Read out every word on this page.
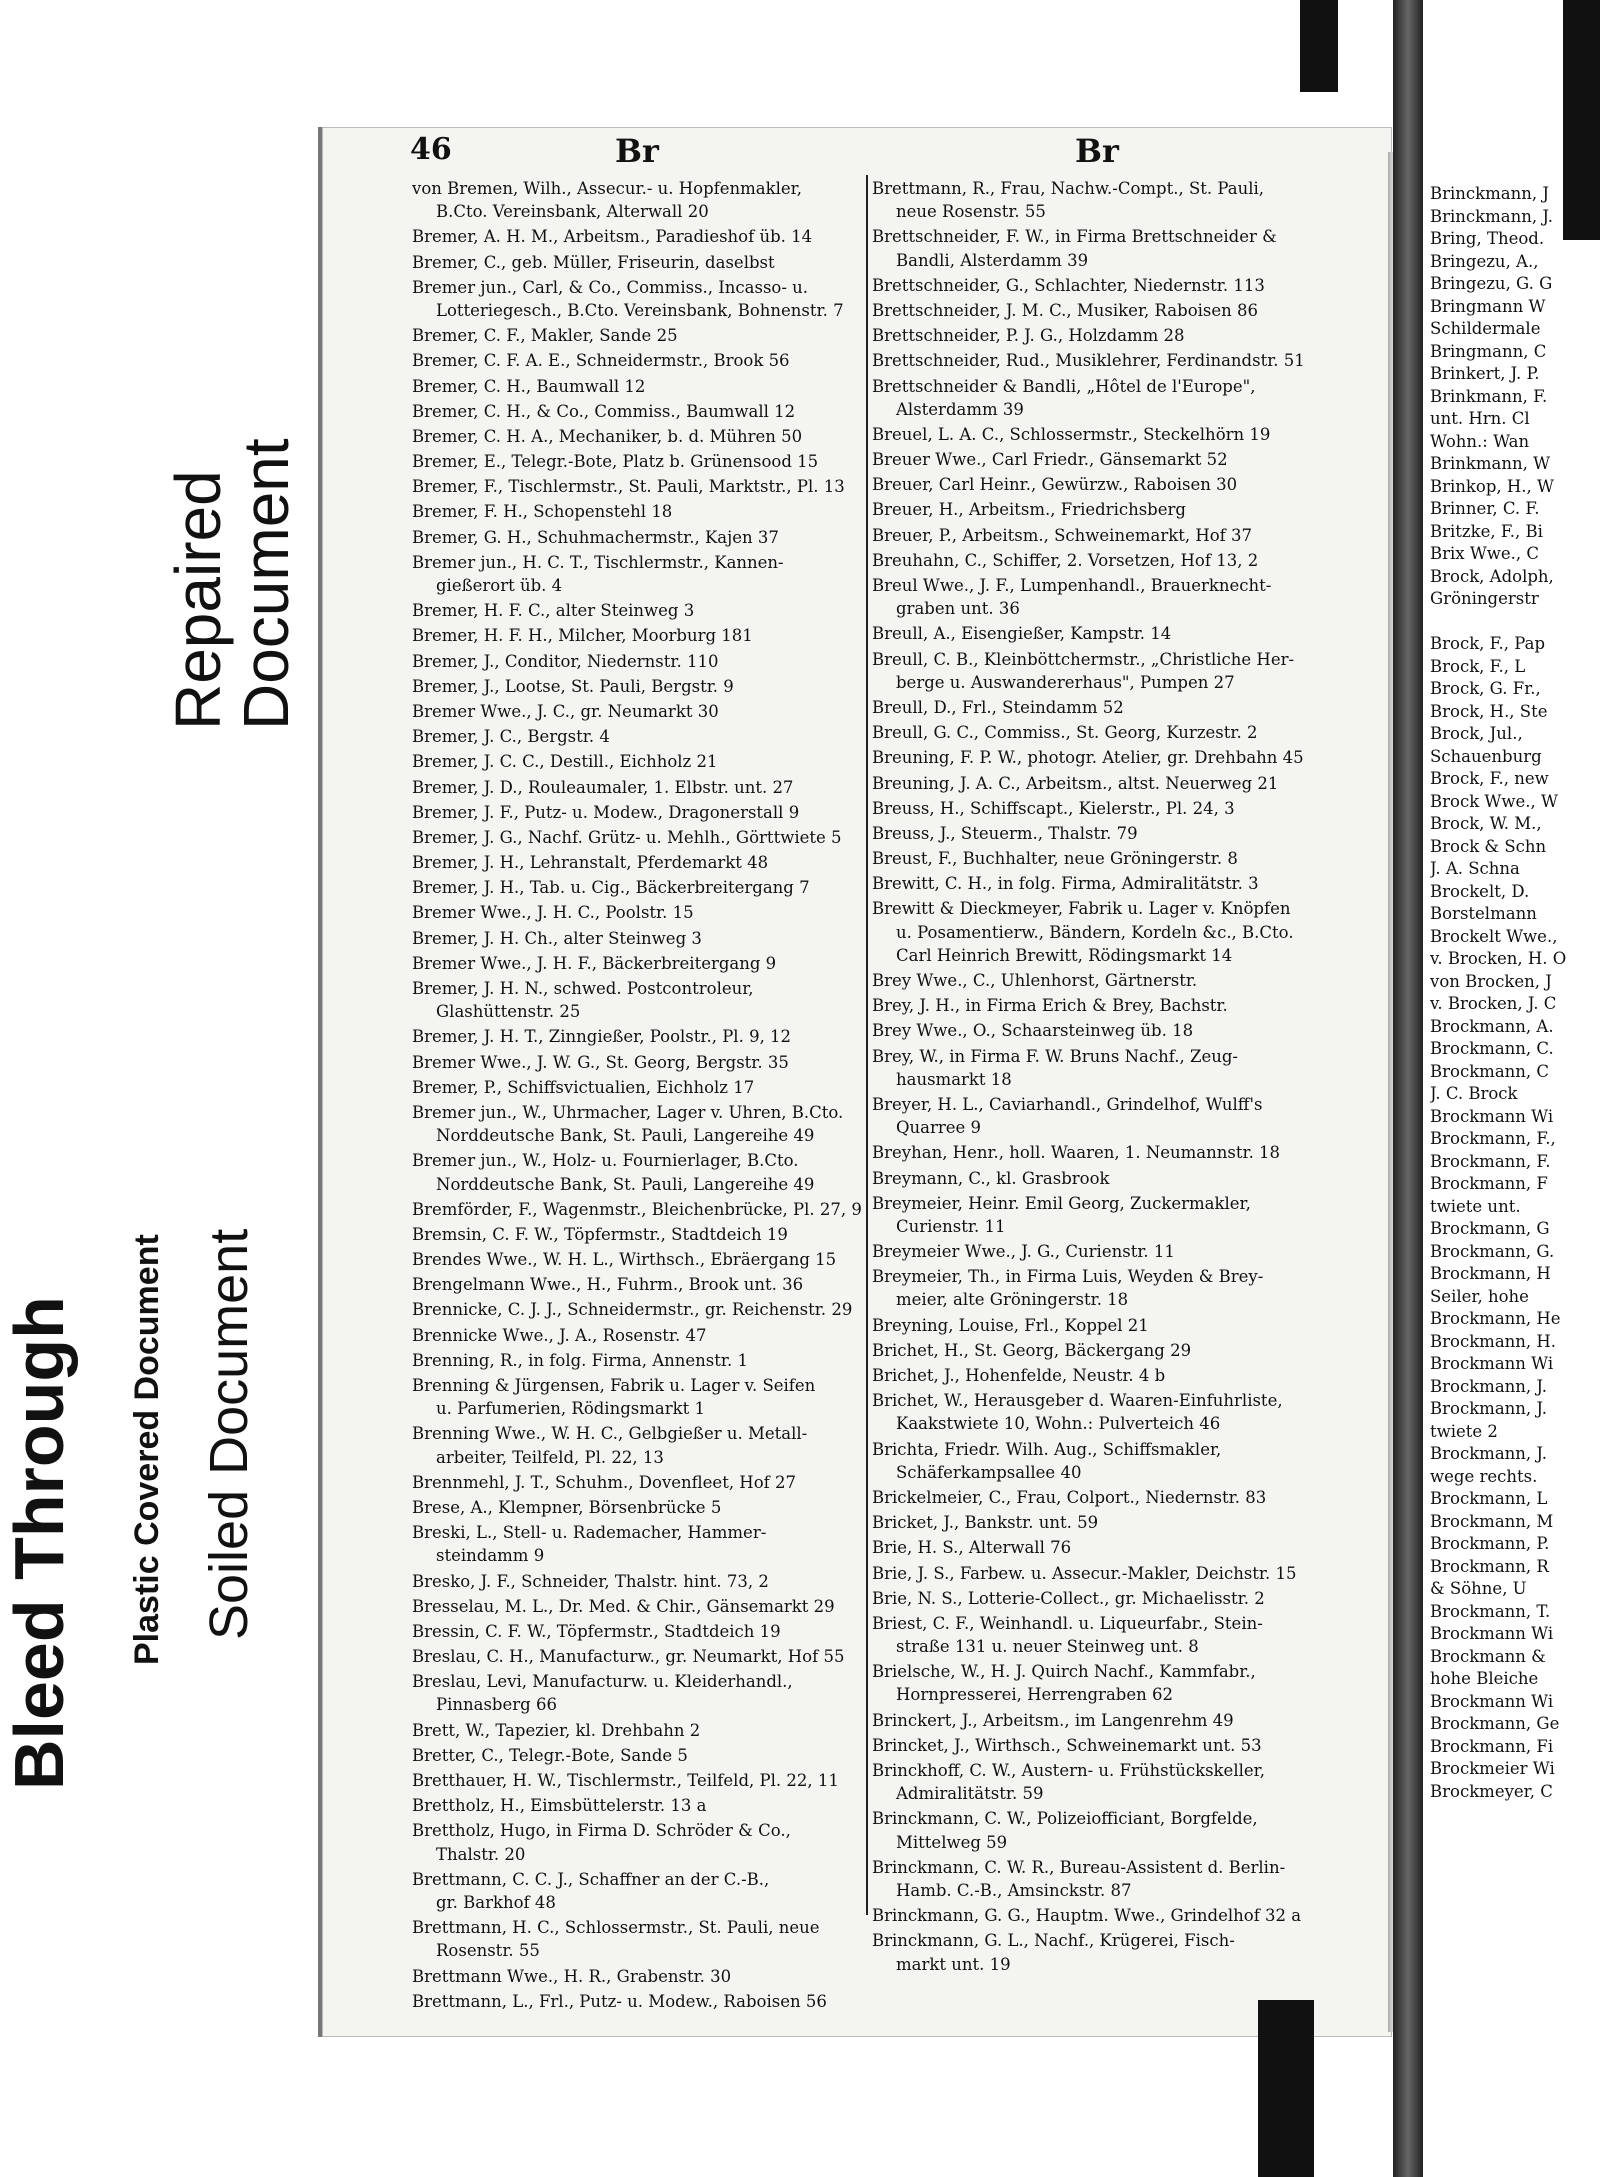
46	Br	Br
von Bremen, Wilh., Assecur.- u. Hopfenmakler,
B.Cto. Vereinsbank, Alterwall 20
Bremer, A. H. M., Arbeitsm., Paradieshof üb. 14
Bremer, C., geb. Müller, Friseurin, daselbst
Bremer jun., Carl, & Co., Commiss., Incasso- u.
Lotteriegesch., B.Cto. Vereinsbank, Bohnenstr. 7
Bremer, C. F., Makler, Sande 25
Bremer, C. F. A. E., Schneidermstr., Brook 56
Bremer, C. H., Baumwall 12
Bremer, C. H., & Co., Commiss., Baumwall 12
Bremer, C. H. A., Mechaniker, b. d. Mühren 50
Bremer, E., Telegr.-Bote, Platz b. Grünensood 15
Bremer, F., Tischlermstr., St. Pauli, Marktstr., Pl. 13
Bremer, F. H., Schopenstehl 18
Bremer, G. H., Schuhmachermstr., Kajen 37
Bremer jun., H. C. T., Tischlermstr., Kannen-
gießerort üb. 4
Bremer, H. F. C., alter Steinweg 3
Bremer, H. F. H., Milcher, Moorburg 181
Bremer, J., Conditor, Niedernstr. 110
Bremer, J., Lootse, St. Pauli, Bergstr. 9
Bremer Wwe., J. C., gr. Neumarkt 30
Bremer, J. C., Bergstr. 4
Bremer, J. C. C., Destill., Eichholz 21
Bremer, J. D., Rouleaumaler, 1. Elbstr. unt. 27
Bremer, J. F., Putz- u. Modew., Dragonerstall 9
Bremer, J. G., Nachf. Grütz- u. Mehlh., Görttwiete 5
Bremer, J. H., Lehranstalt, Pferdemarkt 48
Bremer, J. H., Tab. u. Cig., Bäckerbreitergang 7
Bremer Wwe., J. H. C., Poolstr. 15
Bremer, J. H. Ch., alter Steinweg 3
Bremer Wwe., J. H. F., Bäckerbreitergang 9
Bremer, J. H. N., schwed. Postcontroleur,
Glashüttenstr. 25
Bremer, J. H. T., Zinngießer, Poolstr., Pl. 9, 12
Bremer Wwe., J. W. G., St. Georg, Bergstr. 35
Bremer, P., Schiffsvictualien, Eichholz 17
Bremer jun., W., Uhrmacher, Lager v. Uhren, B.Cto.
Norddeutsche Bank, St. Pauli, Langereihe 49
Bremer jun., W., Holz- u. Fournierlager, B.Cto.
Norddeutsche Bank, St. Pauli, Langereihe 49
Bremförder, F., Wagenmstr., Bleichenbrücke, Pl. 27, 9
Bremsin, C. F. W., Töpfermstr., Stadtdeich 19
Brendes Wwe., W. H. L., Wirthsch., Ebräergang 15
Brengelmann Wwe., H., Fuhrm., Brook unt. 36
Brennicke, C. J. J., Schneidermstr., gr. Reichenstr. 29
Brennicke Wwe., J. A., Rosenstr. 47
Brenning, R., in folg. Firma, Annenstr. 1
Brenning & Jürgensen, Fabrik u. Lager v. Seifen
u. Parfumerien, Rödingsmarkt 1
Brenning Wwe., W. H. C., Gelbgießer u. Metall-
arbeiter, Teilfeld, Pl. 22, 13
Brennmehl, J. T., Schuhm., Dovenfleet, Hof 27
Brese, A., Klempner, Börsenbrücke 5
Breski, L., Stell- u. Rademacher, Hammer-
steindamm 9
Bresko, J. F., Schneider, Thalstr. hint. 73, 2
Bresselau, M. L., Dr. Med. & Chir., Gänsemarkt 29
Bressin, C. F. W., Töpfermstr., Stadtdeich 19
Breslau, C. H., Manufacturw., gr. Neumarkt, Hof 55
Breslau, Levi, Manufacturw. u. Kleiderhandl.,
Pinnasberg 66
Brett, W., Tapezier, kl. Drehbahn 2
Bretter, C., Telegr.-Bote, Sande 5
Bretthauer, H. W., Tischlermstr., Teilfeld, Pl. 22, 11
Brettholz, H., Eimsbüttelerstr. 13 a
Brettholz, Hugo, in Firma D. Schröder & Co.,
Thalstr. 20
Brettmann, C. C. J., Schaffner an der C.-B.,
gr. Barkhof 48
Brettmann, H. C., Schlossermstr., St. Pauli, neue
Rosenstr. 55
Brettmann Wwe., H. R., Grabenstr. 30
Brettmann, L., Frl., Putz- u. Modew., Raboisen 56
Brettmann, R., Frau, Nachw.-Compt., St. Pauli,
neue Rosenstr. 55
Brettschneider, F. W., in Firma Brettschneider &
Bandli, Alsterdamm 39
Brettschneider, G., Schlachter, Niedernstr. 113
Brettschneider, J. M. C., Musiker, Raboisen 86
Brettschneider, P. J. G., Holzdamm 28
Brettschneider, Rud., Musiklehrer, Ferdinandstr. 51
Brettschneider & Bandli, „Hôtel de l'Europe",
Alsterdamm 39
Breuel, L. A. C., Schlossermstr., Steckelhörn 19
Breuer Wwe., Carl Friedr., Gänsemarkt 52
Breuer, Carl Heinr., Gewürzw., Raboisen 30
Breuer, H., Arbeitsm., Friedrichsberg
Breuer, P., Arbeitsm., Schweinemarkt, Hof 37
Breuhahn, C., Schiffer, 2. Vorsetzen, Hof 13, 2
Breul Wwe., J. F., Lumpenhandl., Brauerknecht-
graben unt. 36
Breull, A., Eisengießer, Kampstr. 14
Breull, C. B., Kleinböttchermstr., „Christliche Her-
berge u. Auswandererhaus", Pumpen 27
Breull, D., Frl., Steindamm 52
Breull, G. C., Commiss., St. Georg, Kurzestr. 2
Breuning, F. P. W., photogr. Atelier, gr. Drehbahn 45
Breuning, J. A. C., Arbeitsm., altst. Neuerweg 21
Breuss, H., Schiffscapt., Kielerstr., Pl. 24, 3
Breuss, J., Steuerm., Thalstr. 79
Breust, F., Buchhalter, neue Gröningerstr. 8
Brewitt, C. H., in folg. Firma, Admiralitätstr. 3
Brewitt & Dieckmeyer, Fabrik u. Lager v. Knöpfen
u. Posamentierw., Bändern, Kordeln &c., B.Cto.
Carl Heinrich Brewitt, Rödingsmarkt 14
Brey Wwe., C., Uhlenhorst, Gärtnerstr.
Brey, J. H., in Firma Erich & Brey, Bachstr.
Brey Wwe., O., Schaarsteinweg üb. 18
Brey, W., in Firma F. W. Bruns Nachf., Zeug-
hausmarkt 18
Breyer, H. L., Caviarhandl., Grindelhof, Wulff's
Quarree 9
Breyhan, Henr., holl. Waaren, 1. Neumannstr. 18
Breymann, C., kl. Grasbrook
Breymeier, Heinr. Emil Georg, Zuckermakler,
Curienstr. 11
Breymeier Wwe., J. G., Curienstr. 11
Breymeier, Th., in Firma Luis, Weyden & Brey-
meier, alte Gröningerstr. 18
Breyning, Louise, Frl., Koppel 21
Brichet, H., St. Georg, Bäckergang 29
Brichet, J., Hohenfelde, Neustr. 4 b
Brichet, W., Herausgeber d. Waaren-Einfuhrliste,
Kaakstwiete 10, Wohn.: Pulverteich 46
Brichta, Friedr. Wilh. Aug., Schiffsmakler,
Schäferkampsallee 40
Brickelmeier, C., Frau, Colport., Niedernstr. 83
Bricket, J., Bankstr. unt. 59
Brie, H. S., Alterwall 76
Brie, J. S., Farbew. u. Assecur.-Makler, Deichstr. 15
Brie, N. S., Lotterie-Collect., gr. Michaelisstr. 2
Briest, C. F., Weinhandl. u. Liqueurfabr., Stein-
straße 131 u. neuer Steinweg unt. 8
Brielsche, W., H. J. Quirch Nachf., Kammfabr.,
Hornpresserei, Herrengraben 62
Brinckert, J., Arbeitsm., im Langenrehm 49
Brincket, J., Wirthsch., Schweinemarkt unt. 53
Brinckhoff, C. W., Austern- u. Frühstückskeller,
Admiralitätstr. 59
Brinckmann, C. W., Polizeiofficiant, Borgfelde,
Mittelweg 59
Brinckmann, C. W. R., Bureau-Assistent d. Berlin-
Hamb. C.-B., Amsinckstr. 87
Brinckmann, G. G., Hauptm. Wwe., Grindelhof 32 a
Brinckmann, G. L., Nachf., Krügerei, Fisch-
markt unt. 19
Brinckmann, J
Brinckmann, J.
Bring, Theod.
Bringezu, A.,
Bringezu, G. G
Bringmann W
Schildermale
Bringmann, C
Brinkert, J. P.
Brinkmann, F.
unt. Hrn. Cl
Wohn.: Wan
Brinkmann, W
Brinkop, H., W
Brinner, C. F.
Britzke, F., Bi
Brix Wwe., C
Brock, Adolph,
Gröningerstr
Brock, F., Pap
Brock, F., L
Brock, G. Fr.,
Brock, H., Ste
Brock, Jul.,
Schauenburg
Brock, F., new
Brock Wwe., W
Brock, W. M.,
Brock & Schn
J. A. Schna
Brockelt, D.
Borstelmann
Brockelt Wwe.,
v. Brocken, H. O
von Brocken, J
v. Brocken, J. C
Brockmann, A.
Brockmann, C.
Brockmann, C
J. C. Brock
Brockmann Wi
Brockmann, F.,
Brockmann, F.
Brockmann, F
twiete unt.
Brockmann, G
Brockmann, G.
Brockmann, H
Seiler, hohe
Brockmann, He
Brockmann, H.
Brockmann Wi
Brockmann, J.
Brockmann, J.
twiete 2
Brockmann, J.
wege rechts.
Brockmann, L
Brockmann, M
Brockmann, P.
Brockmann, R
& Söhne, U
Brockmann, T.
Brockmann Wi
Brockmann &
hohe Bleiche
Brockmann Wi
Brockmann, Ge
Brockmann, Fi
Brockmeier Wi
Brockmeyer, C
Repaired
Document
Plastic Covered Document Soiled Document
Bleed Through
